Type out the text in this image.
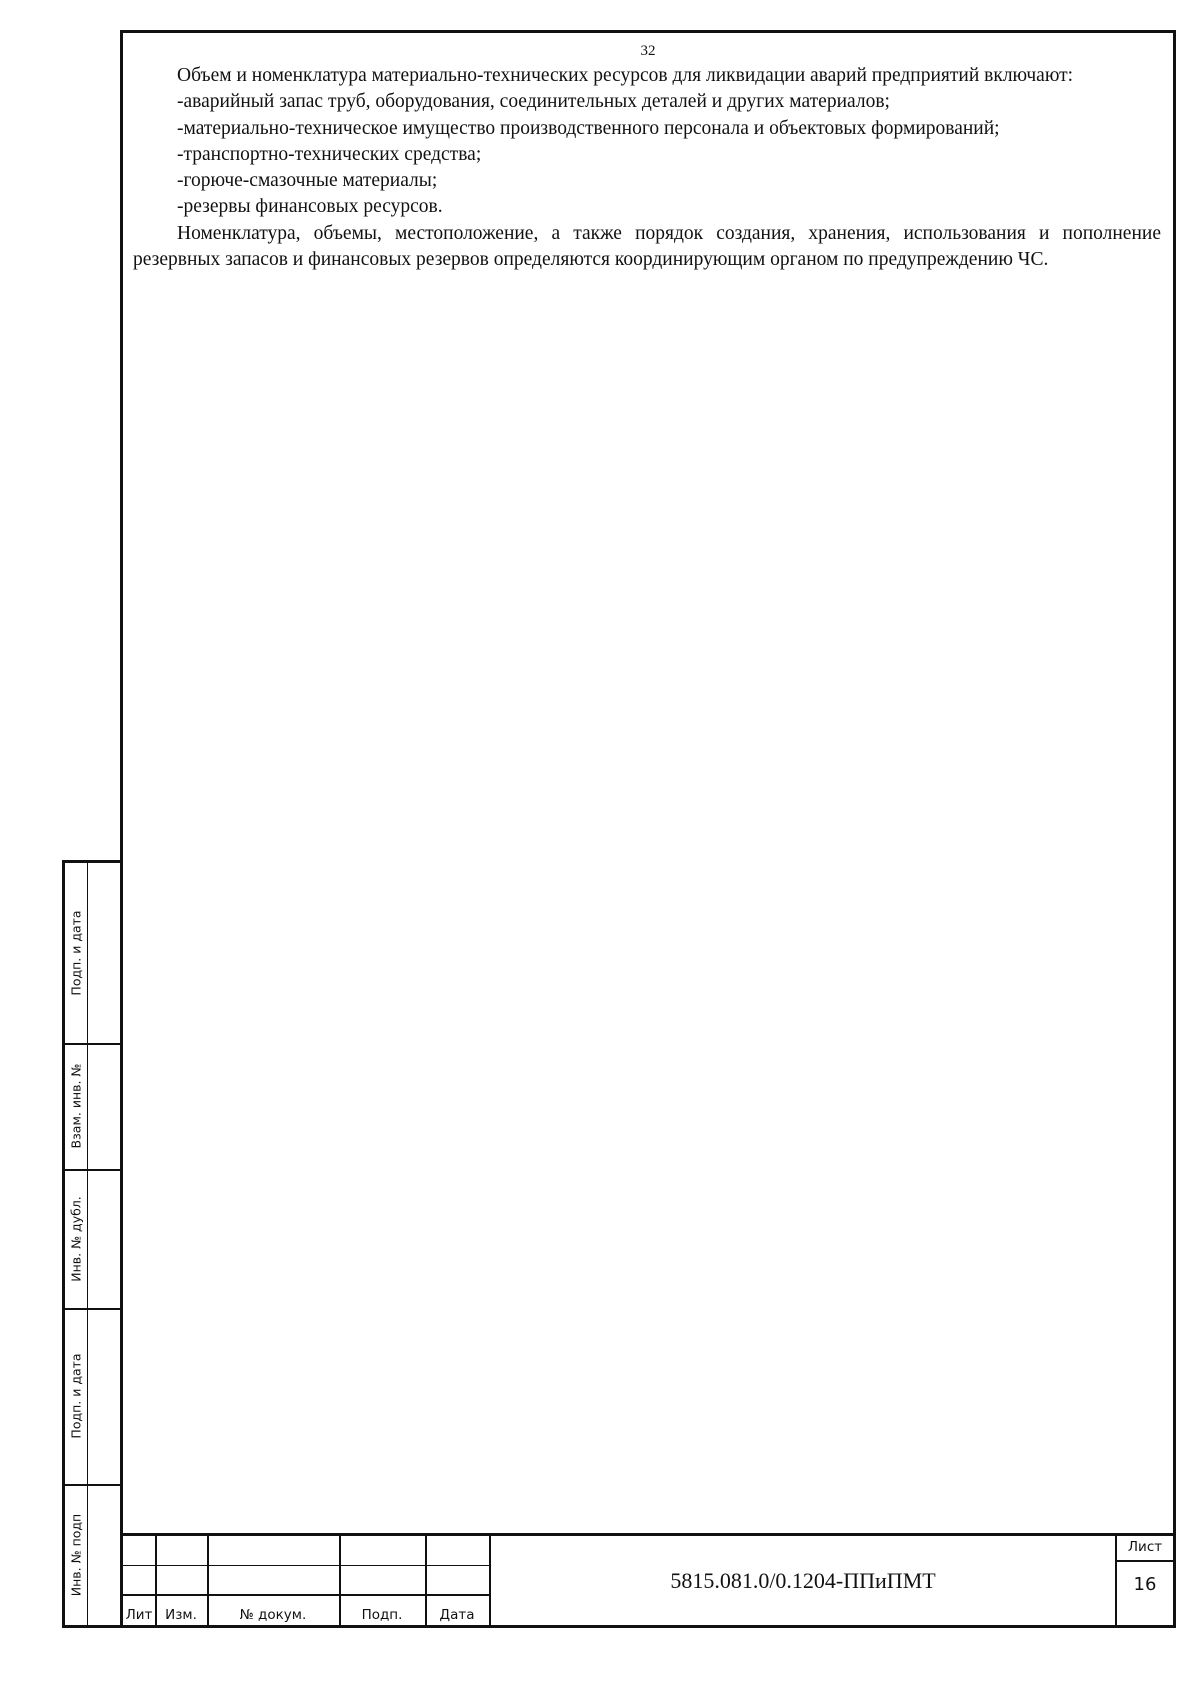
32

Объем и номенклатура материально-технических ресурсов для ликвидации аварий предприятий включают:

-аварийный запас труб, оборудования, соединительных деталей и других материалов;

-материально-техническое имущество производственного персонала и объектовых формирований;

-транспортно-технических средства;

-горюче-смазочные материалы;

-резервы финансовых ресурсов.

Номенклатура, объемы, местоположение, а также порядок создания, хранения, использования и пополнение резервных запасов и финансовых резервов определяются координирующим органом по предупреждению ЧС.

Лит Изм.	№ докум.	Подп.	Дата
5815.081.0/0.1204-ППиПМТ
Лист
16
Подп. и дата
Взам. инв. №
Инв. № дубл.
Подп. и дата
Инв. № подп
